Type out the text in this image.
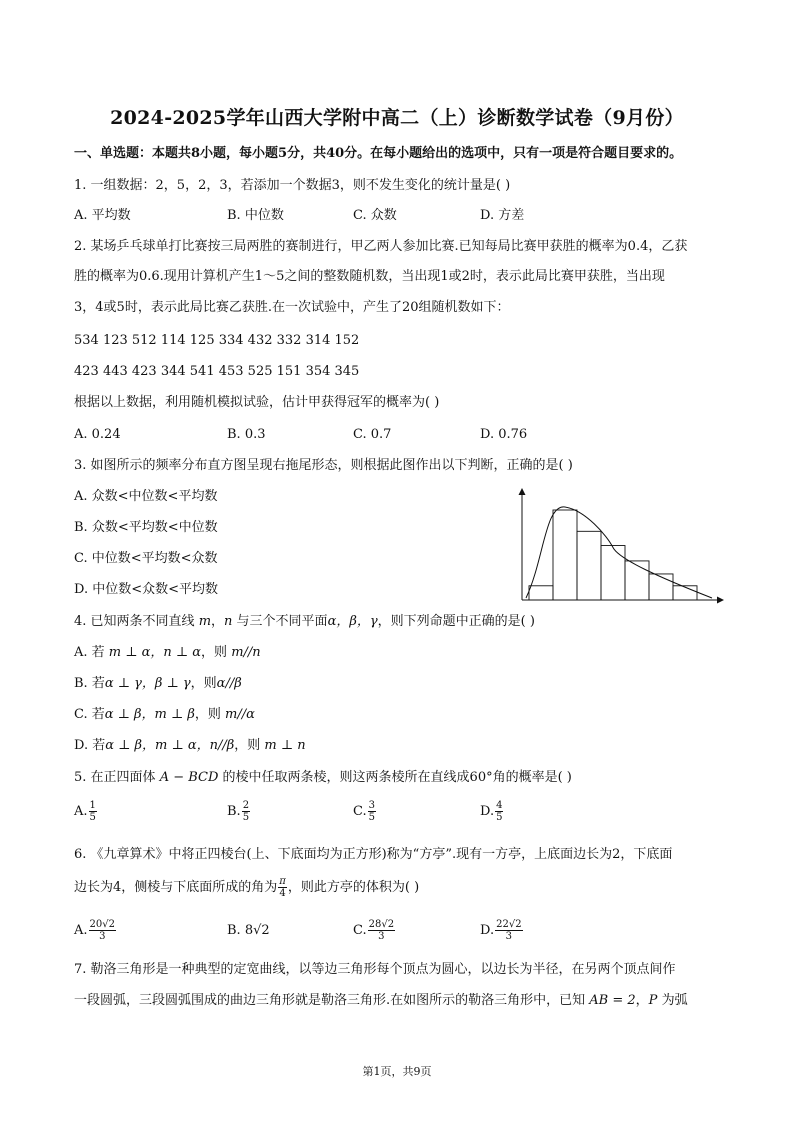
2024-2025学年山西大学附中高二（上）诊断数学试卷（9月份）
一、单选题：本题共8小题，每小题5分，共40分。在每小题给出的选项中，只有一项是符合题目要求的。
1. 一组数据：2，5，2，3，若添加一个数据3，则不发生变化的统计量是( )
A. 平均数	B. 中位数	C. 众数	D. 方差
2. 某场乒乓球单打比赛按三局两胜的赛制进行，甲乙两人参加比赛.已知每局比赛甲获胜的概率为0.4，乙获
胜的概率为0.6.现用计算机产生1～5之间的整数随机数，当出现1或2时，表示此局比赛甲获胜，当出现
3，4或5时，表示此局比赛乙获胜.在一次试验中，产生了20组随机数如下：
534 123 512 114 125 334 432 332 314 152
423 443 423 344 541 453 525 151 354 345
根据以上数据，利用随机模拟试验，估计甲获得冠军的概率为( )
A. 0.24	B. 0.3	C. 0.7	D. 0.76
3. 如图所示的频率分布直方图呈现右拖尾形态，则根据此图作出以下判断，正确的是( )
A. 众数<中位数<平均数
B. 众数<平均数<中位数
C. 中位数<平均数<众数
D. 中位数<众数<平均数
4. 已知两条不同直线 m，n 与三个不同平面α，β，γ，则下列命题中正确的是( )
A. 若 m ⊥ α，n ⊥ α，则 m//n
B. 若α ⊥ γ，β ⊥ γ，则α//β
C. 若α ⊥ β，m ⊥ β，则 m//α
D. 若α ⊥ β，m ⊥ α，n//β，则 m ⊥ n
5. 在正四面体 A − BCD 的棱中任取两条棱，则这两条棱所在直线成60°角的概率是( )
A. $\frac{1}{5}$	B. $\frac{2}{5}$	C. $\frac{3}{5}$	D. $\frac{4}{5}$
6. 《九章算术》中将正四棱台(上、下底面均为正方形)称为“方亭”.现有一方亭，上底面边长为2，下底面
边长为4，侧棱与下底面所成的角为 $\frac{\pi}{4}$ ，则此方亭的体积为( )
A. $\frac{20√2}{3}$	B. 8√2	C. $\frac{28√2}{3}$	D. $\frac{22√2}{3}$
7. 勒洛三角形是一种典型的定宽曲线，以等边三角形每个顶点为圆心，以边长为半径，在另两个顶点间作
一段圆弧，三段圆弧围成的曲边三角形就是勒洛三角形.在如图所示的勒洛三角形中，已知 AB = 2，P 为弧
第1页，共9页
